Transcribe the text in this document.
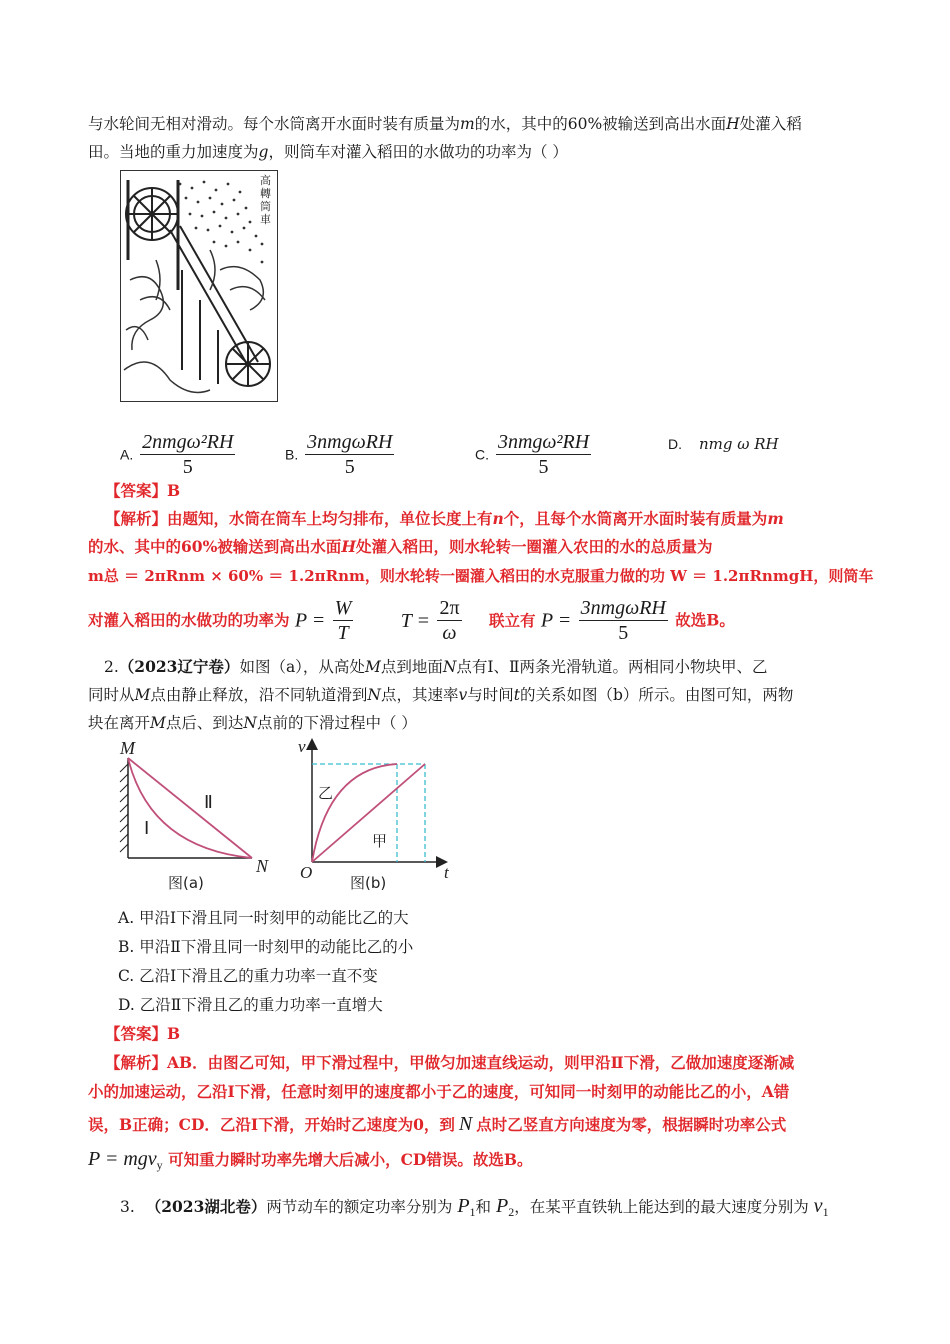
与水轮间无相对滑动。每个水筒离开水面时装有质量为m的水，其中的60%被输送到高出水面H处灌入稻
田。当地的重力加速度为g，则筒车对灌入稻田的水做功的功率为（ ）
高
轉
筒
車
A. $\frac{\text{2nmgω²RH}}{5}$	B. $\frac{\text{3nmgωRH}}{5}$	C. $\frac{\text{3nmgω²RH}}{5}$	D. nmg ω RH
【答案】B
【解析】由题知，水筒在筒车上均匀排布，单位长度上有n个，且每个水筒离开水面时装有质量为m
的水、其中的60%被输送到高出水面H处灌入稻田，则水轮转一圈灌入农田的水的总质量为
m总 ＝ 2πRnm × 60% ＝ 1.2πRnm，则水轮转一圈灌入稻田的水克服重力做的功 W ＝ 1.2πRnmgH，则筒车
对灌入稻田的水做功的功率为 $P = \frac{W}{T}$ $T = \frac{2\pi}{\omega}$ 联立有 $P = \frac{\text{3nmgωRH}}{5}$ 故选B。
2.（2023辽宁卷）如图（a），从高处M点到地面N点有Ⅰ、Ⅱ两条光滑轨道。两相同小物块甲、乙
同时从M点由静止释放，沿不同轨道滑到N点，其速率v与时间t的关系如图（b）所示。由图可知，两物
块在离开M点后、到达N点前的下滑过程中（ ）
M
N
Ⅱ
Ⅰ
图(a)
v
t
O
乙
甲
图(b)
A. 甲沿Ⅰ下滑且同一时刻甲的动能比乙的大
B. 甲沿Ⅱ下滑且同一时刻甲的动能比乙的小
C. 乙沿Ⅰ下滑且乙的重力功率一直不变
D. 乙沿Ⅱ下滑且乙的重力功率一直增大
【答案】B
【解析】AB．由图乙可知，甲下滑过程中，甲做匀加速直线运动，则甲沿Ⅱ下滑，乙做加速度逐渐减
小的加速运动，乙沿Ⅰ下滑，任意时刻甲的速度都小于乙的速度，可知同一时刻甲的动能比乙的小，A错
误，B正确；CD．乙沿Ⅰ下滑，开始时乙速度为0，到 N 点时乙竖直方向速度为零，根据瞬时功率公式
P = mgv$_y$ 可知重力瞬时功率先增大后减小，CD错误。故选B。
3. （2023湖北卷）两节动车的额定功率分别为 $P_1$和 $P_2$，在某平直铁轨上能达到的最大速度分别为 $v_1$
